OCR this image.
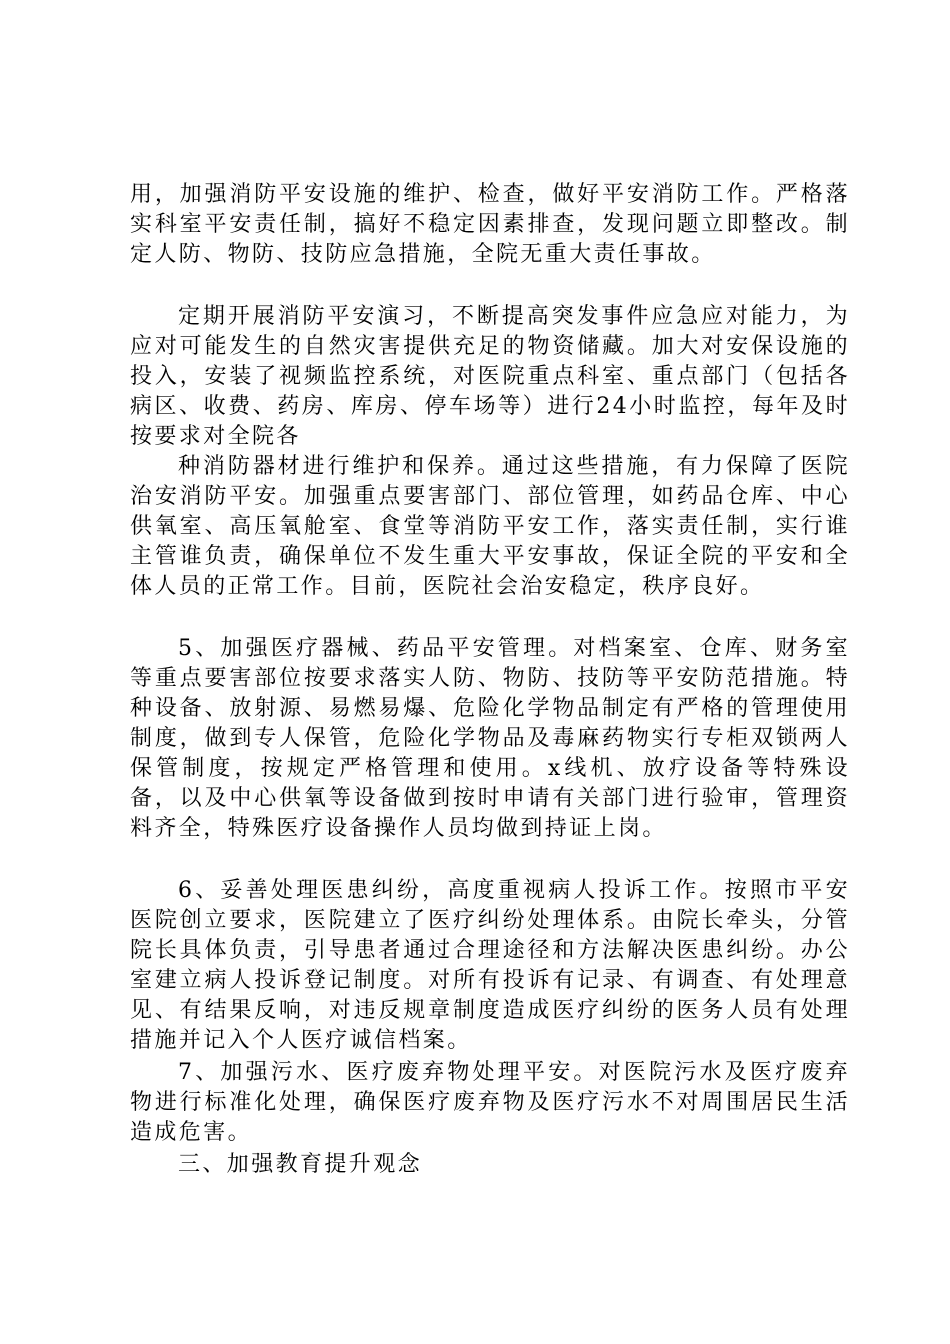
用，加强消防平安设施的维护、检查，做好平安消防工作。严格落实科室平安责任制，搞好不稳定因素排查，发现问题立即整改。制定人防、物防、技防应急措施，全院无重大责任事故。

定期开展消防平安演习，不断提高突发事件应急应对能力，为应对可能发生的自然灾害提供充足的物资储藏。加大对安保设施的投入，安装了视频监控系统，对医院重点科室、重点部门（包括各病区、收费、药房、库房、停车场等）进行24小时监控，每年及时按要求对全院各

种消防器材进行维护和保养。通过这些措施，有力保障了医院治安消防平安。加强重点要害部门、部位管理，如药品仓库、中心供氧室、高压氧舱室、食堂等消防平安工作，落实责任制，实行谁主管谁负责，确保单位不发生重大平安事故，保证全院的平安和全体人员的正常工作。目前，医院社会治安稳定，秩序良好。

5、加强医疗器械、药品平安管理。对档案室、仓库、财务室等重点要害部位按要求落实人防、物防、技防等平安防范措施。特种设备、放射源、易燃易爆、危险化学物品制定有严格的管理使用制度，做到专人保管，危险化学物品及毒麻药物实行专柜双锁两人保管制度，按规定严格管理和使用。x线机、放疗设备等特殊设备，以及中心供氧等设备做到按时申请有关部门进行验审，管理资料齐全，特殊医疗设备操作人员均做到持证上岗。

6、妥善处理医患纠纷，高度重视病人投诉工作。按照市平安医院创立要求，医院建立了医疗纠纷处理体系。由院长牵头，分管院长具体负责，引导患者通过合理途径和方法解决医患纠纷。办公室建立病人投诉登记制度。对所有投诉有记录、有调查、有处理意见、有结果反响，对违反规章制度造成医疗纠纷的医务人员有处理措施并记入个人医疗诚信档案。

7、加强污水、医疗废弃物处理平安。对医院污水及医疗废弃物进行标准化处理，确保医疗废弃物及医疗污水不对周围居民生活造成危害。

三、加强教育提升观念
